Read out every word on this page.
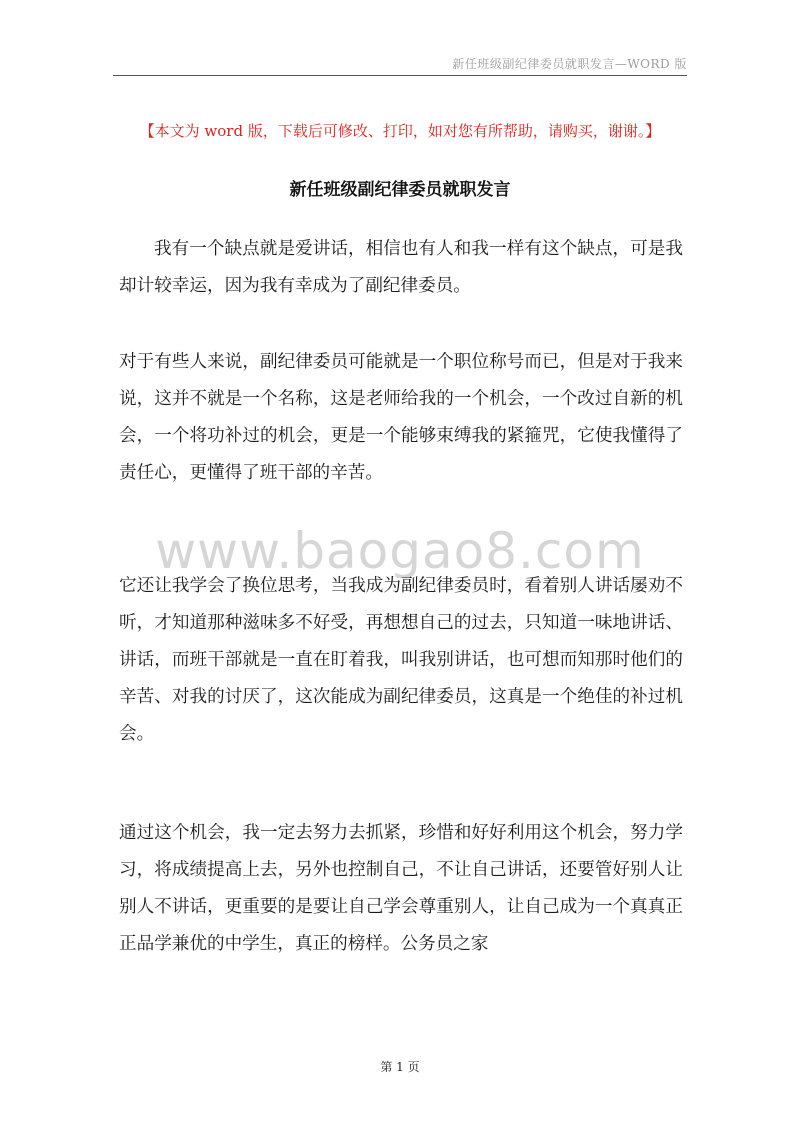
新任班级副纪律委员就职发言—WORD 版
【本文为 word 版，下载后可修改、打印，如对您有所帮助，请购买，谢谢。】
新任班级副纪律委员就职发言

我有一个缺点就是爱讲话，相信也有人和我一样有这个缺点，可是我却计较幸运，因为我有幸成为了副纪律委员。

对于有些人来说，副纪律委员可能就是一个职位称号而已，但是对于我来说，这并不就是一个名称，这是老师给我的一个机会，一个改过自新的机会，一个将功补过的机会，更是一个能够束缚我的紧箍咒，它使我懂得了责任心，更懂得了班干部的辛苦。

www.baogao8.com

它还让我学会了换位思考，当我成为副纪律委员时，看着别人讲话屡劝不听，才知道那种滋味多不好受，再想想自己的过去，只知道一味地讲话、讲话，而班干部就是一直在盯着我，叫我别讲话，也可想而知那时他们的辛苦、对我的讨厌了，这次能成为副纪律委员，这真是一个绝佳的补过机会。

通过这个机会，我一定去努力去抓紧，珍惜和好好利用这个机会，努力学习，将成绩提高上去，另外也控制自己，不让自己讲话，还要管好别人让别人不讲话，更重要的是要让自己学会尊重别人，让自己成为一个真真正正品学兼优的中学生，真正的榜样。公务员之家

第 1 页
